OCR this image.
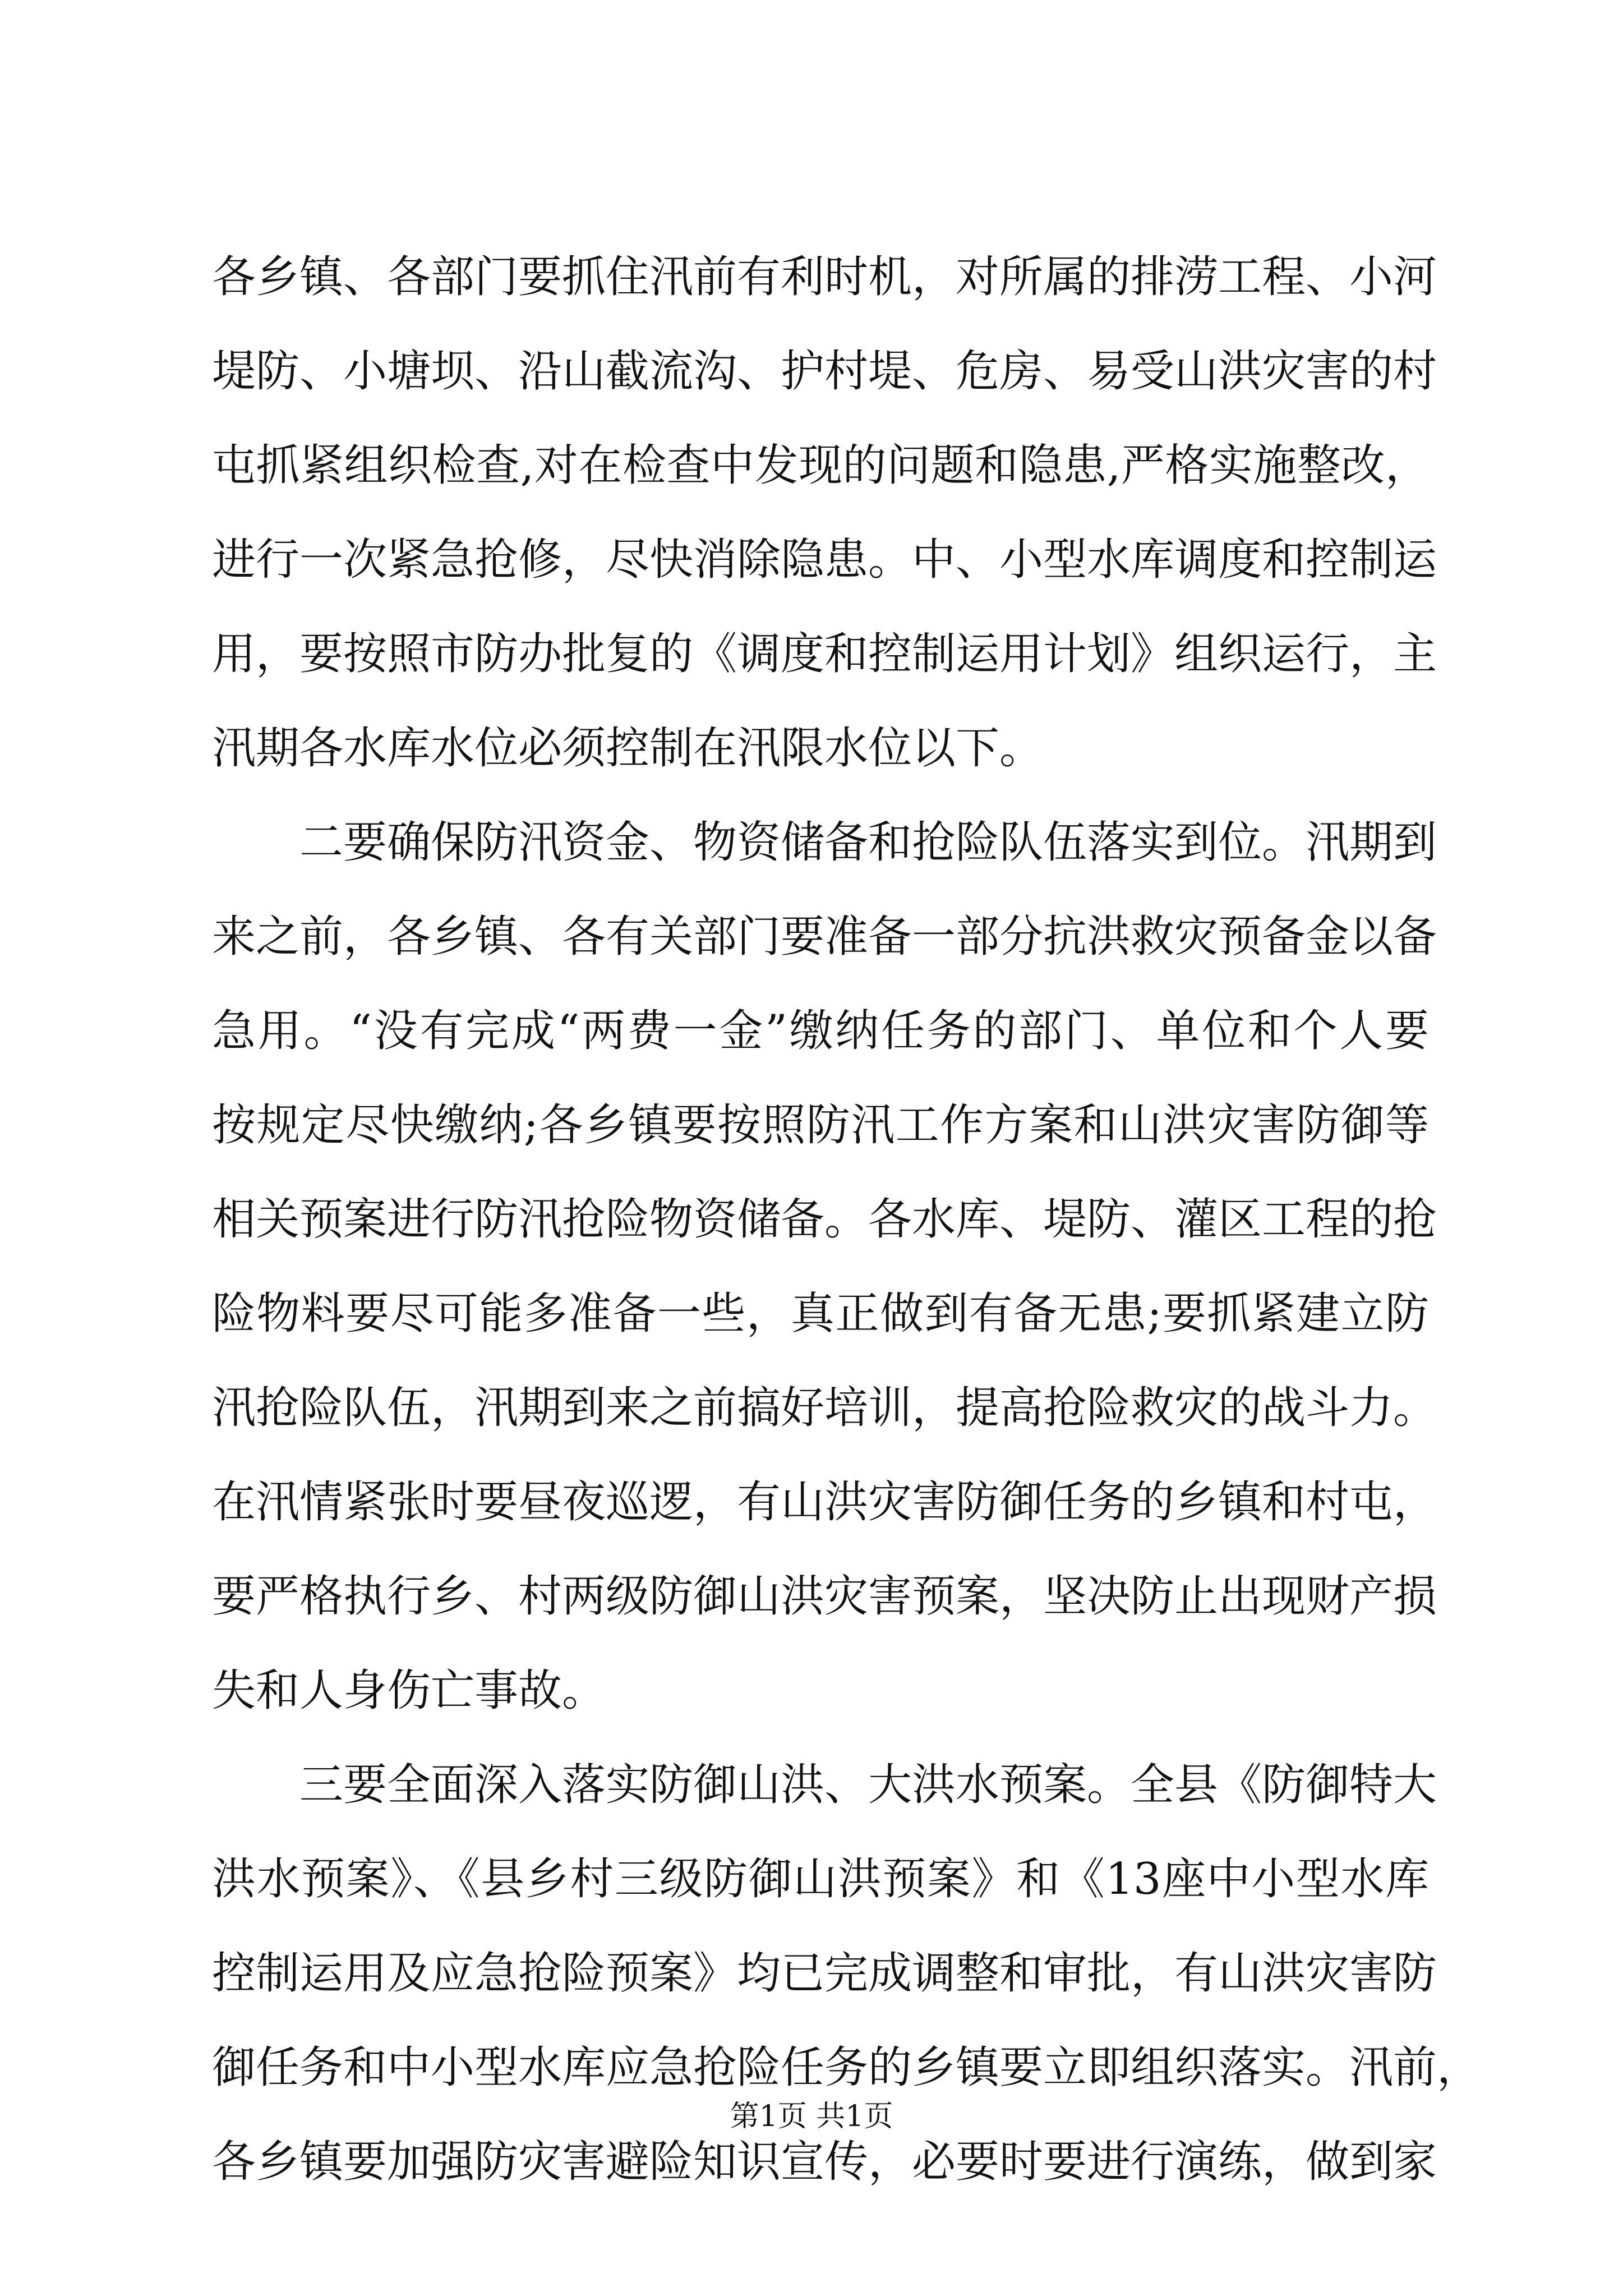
各乡镇、各部门要抓住汛前有利时机，对所属的排涝工程、小河
堤防、小塘坝、沿山截流沟、护村堤、危房、易受山洪灾害的村
屯抓紧组织检查,对在检查中发现的问题和隐患,严格实施整改，
进行一次紧急抢修，尽快消除隐患。中、小型水库调度和控制运
用，要按照市防办批复的《调度和控制运用计划》组织运行，主
汛期各水库水位必须控制在汛限水位以下。
二要确保防汛资金、物资储备和抢险队伍落实到位。汛期到
来之前，各乡镇、各有关部门要准备一部分抗洪救灾预备金以备
急用。“没有完成“两费一金”缴纳任务的部门、单位和个人要
按规定尽快缴纳;各乡镇要按照防汛工作方案和山洪灾害防御等
相关预案进行防汛抢险物资储备。各水库、堤防、灌区工程的抢
险物料要尽可能多准备一些，真正做到有备无患;要抓紧建立防
汛抢险队伍，汛期到来之前搞好培训，提高抢险救灾的战斗力。
在汛情紧张时要昼夜巡逻，有山洪灾害防御任务的乡镇和村屯，
要严格执行乡、村两级防御山洪灾害预案，坚决防止出现财产损
失和人身伤亡事故。
三要全面深入落实防御山洪、大洪水预案。全县《防御特大
洪水预案》、《县乡村三级防御山洪预案》和《13座中小型水库
控制运用及应急抢险预案》均已完成调整和审批，有山洪灾害防
御任务和中小型水库应急抢险任务的乡镇要立即组织落实。汛前，
各乡镇要加强防灾害避险知识宣传，必要时要进行演练，做到家
第1页 共1页
